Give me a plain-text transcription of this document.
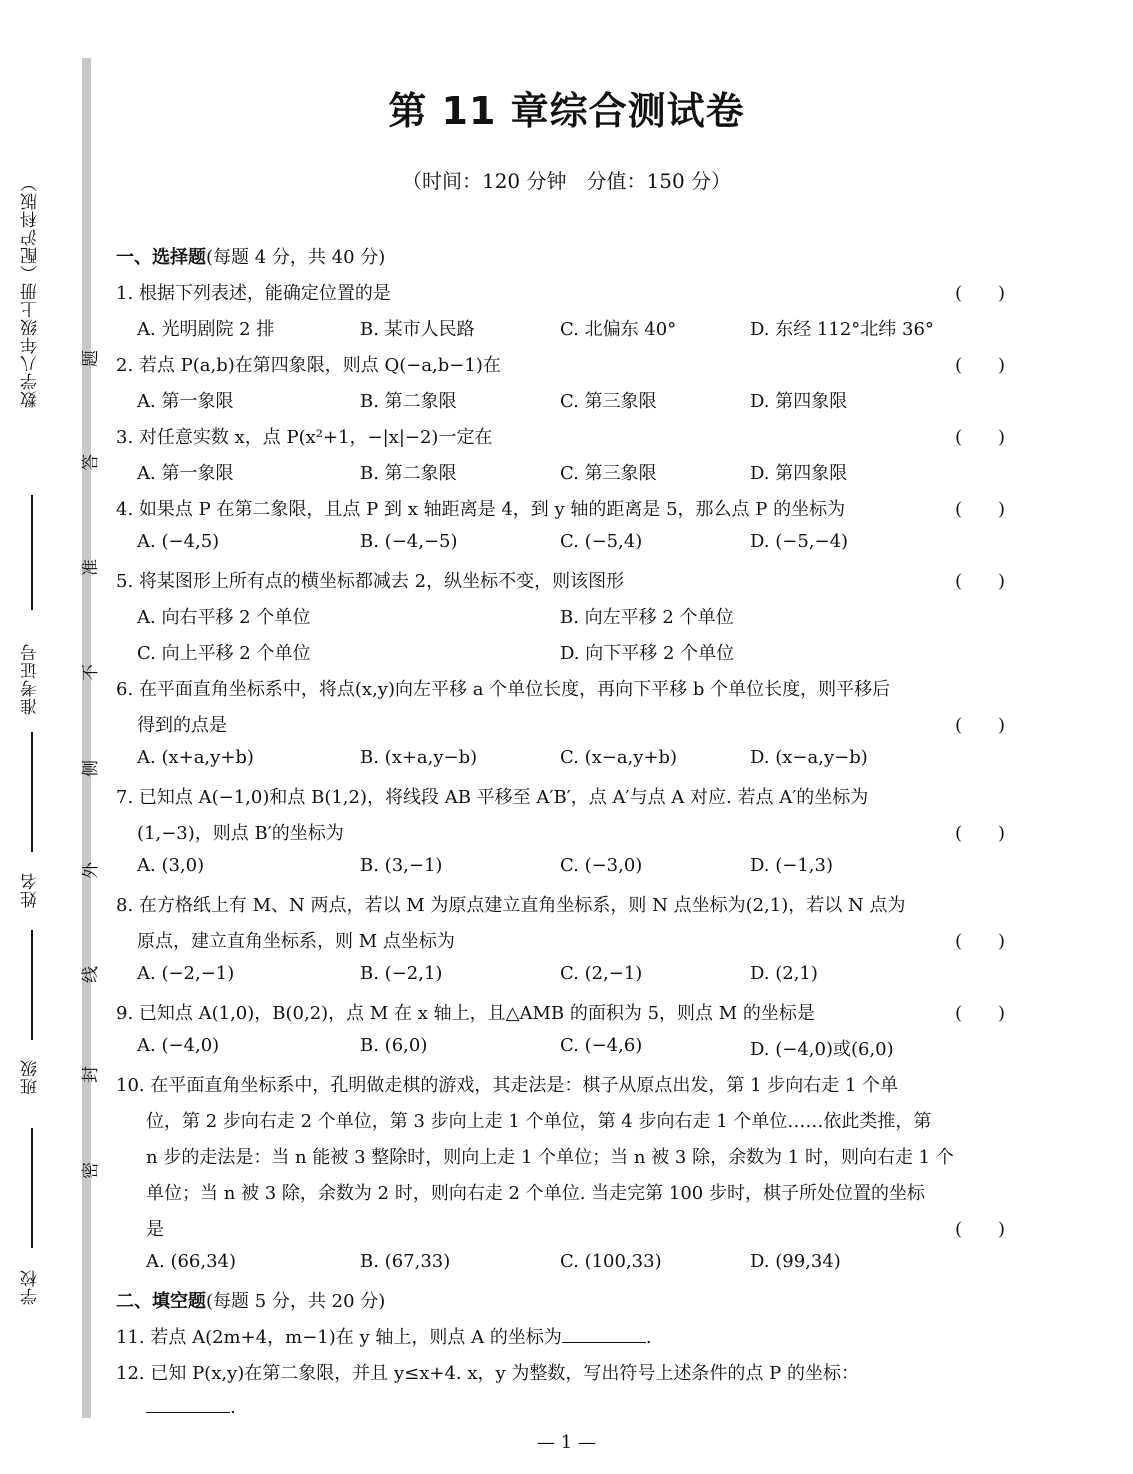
数学八年级上册（配沪科版）
准考证号
姓名
班级
学校
题
答
准
不
侧
外
线
封
密
第 11 章综合测试卷
（时间：120 分钟　分值：150 分）
一、选择题(每题 4 分，共 40 分)
1. 根据下列表述，能确定位置的是	(　　)
A. 光明剧院 2 排	B. 某市人民路	C. 北偏东 40°	D. 东经 112°北纬 36°
2. 若点 P(a,b)在第四象限，则点 Q(−a,b−1)在	(　　)
A. 第一象限	B. 第二象限	C. 第三象限	D. 第四象限
3. 对任意实数 x，点 P(x²+1，−|x|−2)一定在	(　　)
A. 第一象限	B. 第二象限	C. 第三象限	D. 第四象限
4. 如果点 P 在第二象限，且点 P 到 x 轴距离是 4，到 y 轴的距离是 5，那么点 P 的坐标为	(　　)
A. (−4,5)	B. (−4,−5)	C. (−5,4)	D. (−5,−4)
5. 将某图形上所有点的横坐标都减去 2，纵坐标不变，则该图形	(　　)
A. 向右平移 2 个单位	B. 向左平移 2 个单位
C. 向上平移 2 个单位	D. 向下平移 2 个单位
6. 在平面直角坐标系中，将点(x,y)向左平移 a 个单位长度，再向下平移 b 个单位长度，则平移后
得到的点是	(　　)
A. (x+a,y+b)	B. (x+a,y−b)	C. (x−a,y+b)	D. (x−a,y−b)
7. 已知点 A(−1,0)和点 B(1,2)，将线段 AB 平移至 A′B′，点 A′与点 A 对应. 若点 A′的坐标为
(1,−3)，则点 B′的坐标为	(　　)
A. (3,0)	B. (3,−1)	C. (−3,0)	D. (−1,3)
8. 在方格纸上有 M、N 两点，若以 M 为原点建立直角坐标系，则 N 点坐标为(2,1)，若以 N 点为
原点，建立直角坐标系，则 M 点坐标为	(　　)
A. (−2,−1)	B. (−2,1)	C. (2,−1)	D. (2,1)
9. 已知点 A(1,0)，B(0,2)，点 M 在 x 轴上，且△AMB 的面积为 5，则点 M 的坐标是	(　　)
A. (−4,0)	B. (6,0)	C. (−4,6)	D. (−4,0)或(6,0)
10. 在平面直角坐标系中，孔明做走棋的游戏，其走法是：棋子从原点出发，第 1 步向右走 1 个单
位，第 2 步向右走 2 个单位，第 3 步向上走 1 个单位，第 4 步向右走 1 个单位……依此类推，第
n 步的走法是：当 n 能被 3 整除时，则向上走 1 个单位；当 n 被 3 除，余数为 1 时，则向右走 1 个
单位；当 n 被 3 除，余数为 2 时，则向右走 2 个单位. 当走完第 100 步时，棋子所处位置的坐标
是	(　　)
A. (66,34)	B. (67,33)	C. (100,33)	D. (99,34)
二、填空题(每题 5 分，共 20 分)
11. 若点 A(2m+4，m−1)在 y 轴上，则点 A 的坐标为	.
12. 已知 P(x,y)在第二象限，并且 y≤x+4. x，y 为整数，写出符号上述条件的点 P 的坐标：
.
— 1 —
